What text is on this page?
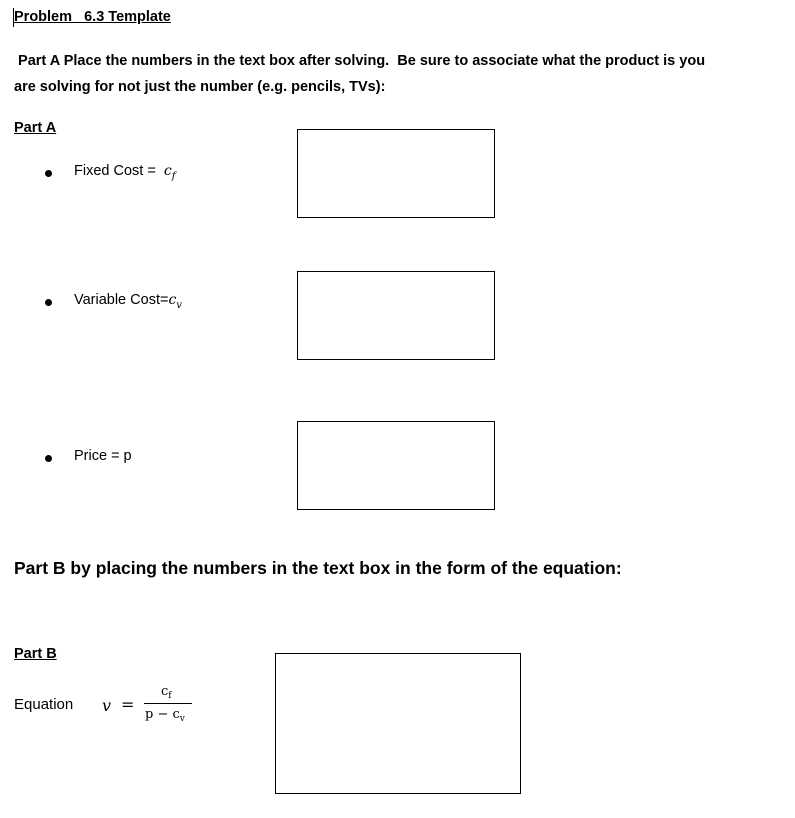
Problem   6.3 Template
Part A Place the numbers in the text box after solving.  Be sure to associate what the product is you
are solving for not just the number (e.g. pencils, TVs):
Part A
Fixed Cost =  $c_f$
Variable $Cost=c_v$
Price = p
Part B by placing the numbers in the text box in the form of the equation:
Part B
Equation v =
$c_f$
$p - c_v$
